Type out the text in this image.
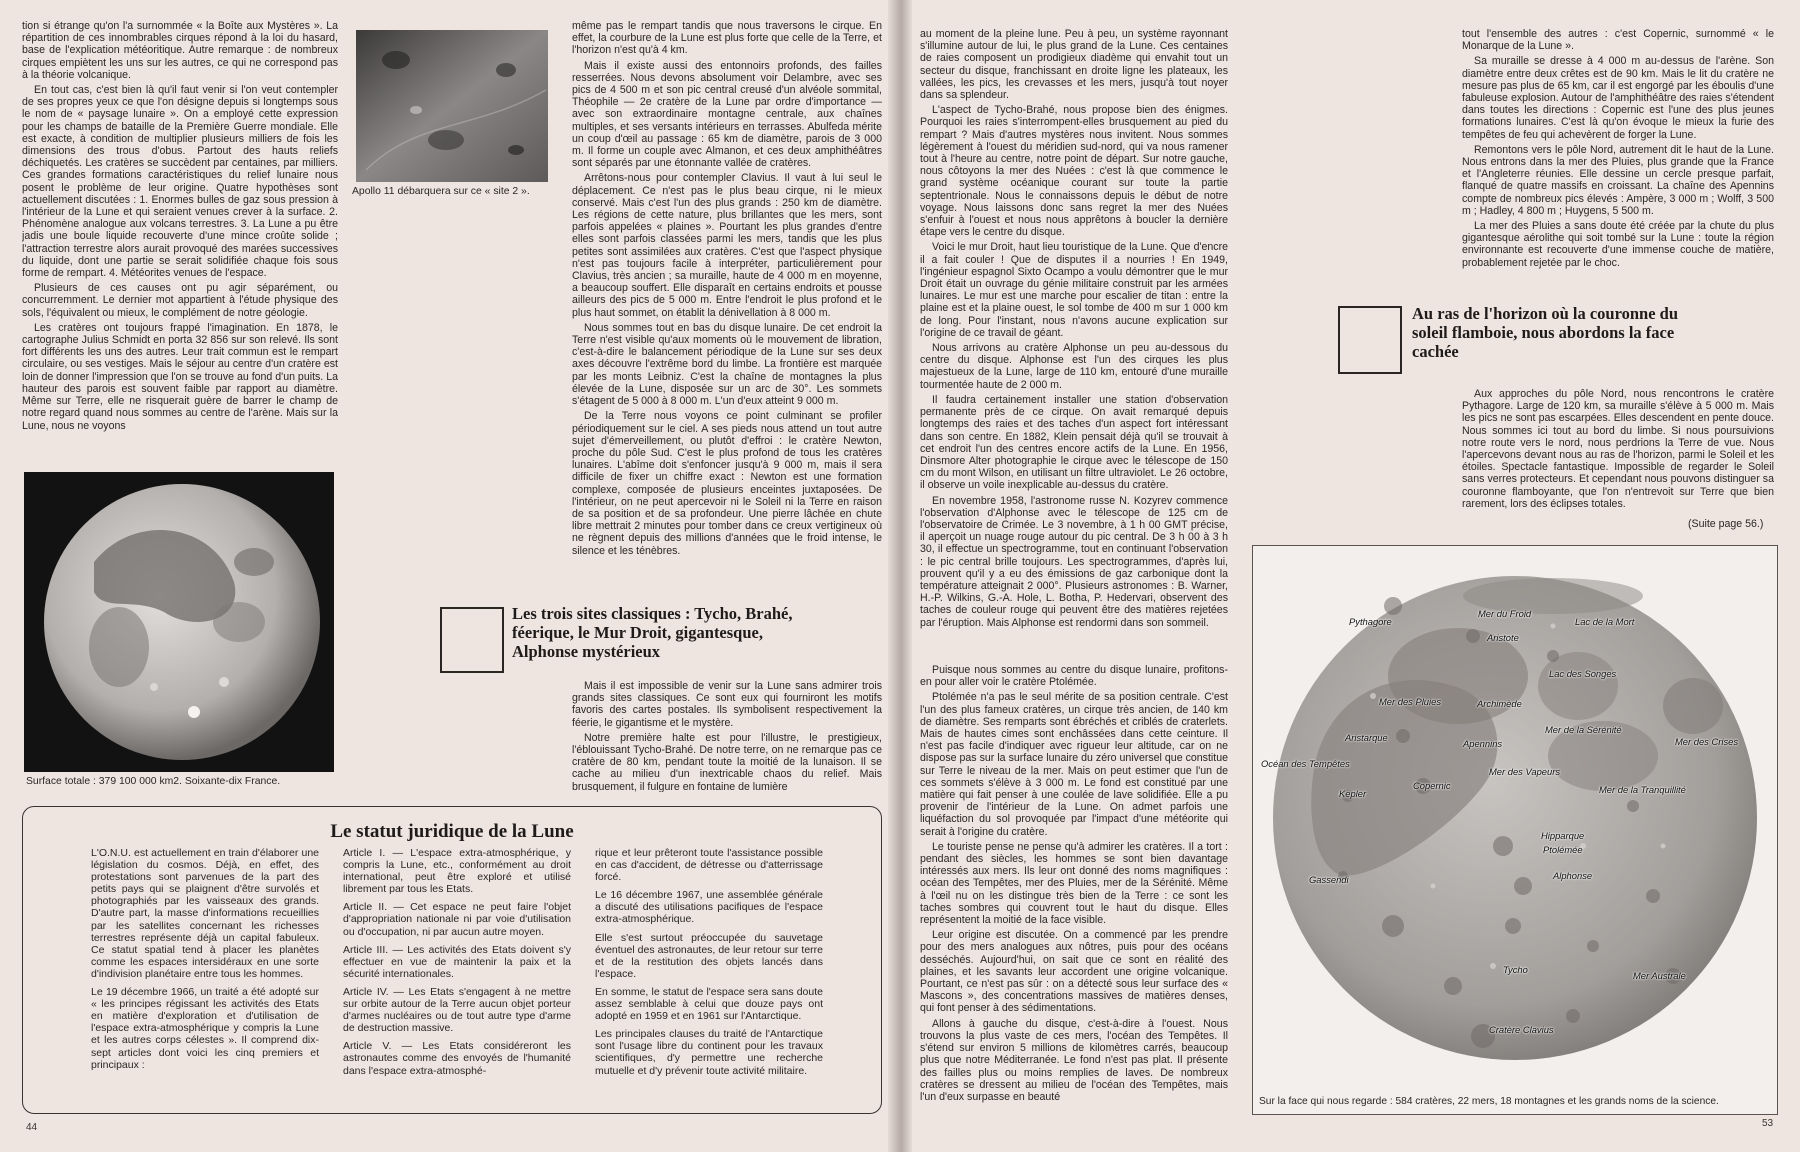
tion si étrange qu'on l'a surnommée « la Boîte aux Mystères ». La répartition de ces innombrables cirques répond à la loi du hasard, base de l'explication météoritique. Autre remarque : de nombreux cirques empiètent les uns sur les autres, ce qui ne correspond pas à la théorie volcanique.

En tout cas, c'est bien là qu'il faut venir si l'on veut contempler de ses propres yeux ce que l'on désigne depuis si longtemps sous le nom de « paysage lunaire ». On a employé cette expression pour les champs de bataille de la Première Guerre mondiale. Elle est exacte, à condition de multiplier plusieurs milliers de fois les dimensions des trous d'obus. Partout des hauts reliefs déchiquetés. Les cratères se succèdent par centaines, par milliers. Ces grandes formations caractéristiques du relief lunaire nous posent le problème de leur origine. Quatre hypothèses sont actuellement discutées : 1. Enormes bulles de gaz sous pression à l'intérieur de la Lune et qui seraient venues crever à la surface. 2. Phénomène analogue aux volcans terrestres. 3. La Lune a pu être jadis une boule liquide recouverte d'une mince croûte solide ; l'attraction terrestre alors aurait provoqué des marées successives du liquide, dont une partie se serait solidifiée chaque fois sous forme de rempart. 4. Météorites venues de l'espace.

Plusieurs de ces causes ont pu agir séparément, ou concurremment. Le dernier mot appartient à l'étude physique des sols, l'équivalent ou mieux, le complément de notre géologie.

Les cratères ont toujours frappé l'imagination. En 1878, le cartographe Julius Schmidt en porta 32 856 sur son relevé. Ils sont fort différents les uns des autres. Leur trait commun est le rempart circulaire, ou ses vestiges. Mais le séjour au centre d'un cratère est loin de donner l'impression que l'on se trouve au fond d'un puits. La hauteur des parois est souvent faible par rapport au diamètre. Même sur Terre, elle ne risquerait guère de barrer le champ de notre regard quand nous sommes au centre de l'arène. Mais sur la Lune, nous ne voyons

Apollo 11 débarquera sur ce « site 2 ».
Surface totale : 379 100 000 km2. Soixante-dix France.

même pas le rempart tandis que nous traversons le cirque. En effet, la courbure de la Lune est plus forte que celle de la Terre, et l'horizon n'est qu'à 4 km.

Mais il existe aussi des entonnoirs profonds, des failles resserrées. Nous devons absolument voir Delambre, avec ses pics de 4 500 m et son pic central creusé d'un alvéole sommital, Théophile — 2e cratère de la Lune par ordre d'importance — avec son extraordinaire montagne centrale, aux chaînes multiples, et ses versants intérieurs en terrasses. Abulfeda mérite un coup d'œil au passage : 65 km de diamètre, parois de 3 000 m. Il forme un couple avec Almanon, et ces deux amphithéâtres sont séparés par une étonnante vallée de cratères.

Arrêtons-nous pour contempler Clavius. Il vaut à lui seul le déplacement. Ce n'est pas le plus beau cirque, ni le mieux conservé. Mais c'est l'un des plus grands : 250 km de diamètre. Les régions de cette nature, plus brillantes que les mers, sont parfois appelées « plaines ». Pourtant les plus grandes d'entre elles sont parfois classées parmi les mers, tandis que les plus petites sont assimilées aux cratères. C'est que l'aspect physique n'est pas toujours facile à interpréter, particulièrement pour Clavius, très ancien ; sa muraille, haute de 4 000 m en moyenne, a beaucoup souffert. Elle disparaît en certains endroits et pousse ailleurs des pics de 5 000 m. Entre l'endroit le plus profond et le plus haut sommet, on établit la dénivellation à 8 000 m.

Nous sommes tout en bas du disque lunaire. De cet endroit la Terre n'est visible qu'aux moments où le mouvement de libration, c'est-à-dire le balancement périodique de la Lune sur ses deux axes découvre l'extrême bord du limbe. La frontière est marquée par les monts Leibniz. C'est la chaîne de montagnes la plus élevée de la Lune, disposée sur un arc de 30°. Les sommets s'étagent de 5 000 à 8 000 m. L'un d'eux atteint 9 000 m.

De la Terre nous voyons ce point culminant se profiler périodiquement sur le ciel. A ses pieds nous attend un tout autre sujet d'émerveillement, ou plutôt d'effroi : le cratère Newton, proche du pôle Sud. C'est le plus profond de tous les cratères lunaires. L'abîme doit s'enfoncer jusqu'à 9 000 m, mais il sera difficile de fixer un chiffre exact : Newton est une formation complexe, composée de plusieurs enceintes juxtaposées. De l'intérieur, on ne peut apercevoir ni le Soleil ni la Terre en raison de sa position et de sa profondeur. Une pierre lâchée en chute libre mettrait 2 minutes pour tomber dans ce creux vertigineux où ne règnent depuis des millions d'années que le froid intense, le silence et les ténèbres.

Les trois sites classiques : Tycho, Brahé, féerique, le Mur Droit, gigantesque, Alphonse mystérieux

Mais il est impossible de venir sur la Lune sans admirer trois grands sites classiques. Ce sont eux qui fourniront les motifs favoris des cartes postales. Ils symbolisent respectivement la féerie, le gigantisme et le mystère.

Notre première halte est pour l'illustre, le prestigieux, l'éblouissant Tycho-Brahé. De notre terre, on ne remarque pas ce cratère de 80 km, pendant toute la moitié de la lunaison. Il se cache au milieu d'un inextricable chaos du relief. Mais brusquement, il fulgure en fontaine de lumière

Le statut juridique de la Lune

L'O.N.U. est actuellement en train d'élaborer une législation du cosmos. Déjà, en effet, des protestations sont parvenues de la part des petits pays qui se plaignent d'être survolés et photographiés par les vaisseaux des grands. D'autre part, la masse d'informations recueillies par les satellites concernant les richesses terrestres représente déjà un capital fabuleux. Ce statut spatial tend à placer les planètes comme les espaces intersidéraux en une sorte d'indivision planétaire entre tous les hommes.

Le 19 décembre 1966, un traité a été adopté sur « les principes régissant les activités des Etats en matière d'exploration et d'utilisation de l'espace extra-atmosphérique y compris la Lune et les autres corps célestes ». Il comprend dix-sept articles dont voici les cinq premiers et principaux :

Article I. — L'espace extra-atmosphérique, y compris la Lune, etc., conformément au droit international, peut être exploré et utilisé librement par tous les Etats.

Article II. — Cet espace ne peut faire l'objet d'appropriation nationale ni par voie d'utilisation ou d'occupation, ni par aucun autre moyen.

Article III. — Les activités des Etats doivent s'y effectuer en vue de maintenir la paix et la sécurité internationales.

Article IV. — Les Etats s'engagent à ne mettre sur orbite autour de la Terre aucun objet porteur d'armes nucléaires ou de tout autre type d'arme de destruction massive.

Article V. — Les Etats considéreront les astronautes comme des envoyés de l'humanité dans l'espace extra-atmosphé-

rique et leur prêteront toute l'assistance possible en cas d'accident, de détresse ou d'atterrissage forcé.

Le 16 décembre 1967, une assemblée générale a discuté des utilisations pacifiques de l'espace extra-atmosphérique.

Elle s'est surtout préoccupée du sauvetage éventuel des astronautes, de leur retour sur terre et de la restitution des objets lancés dans l'espace.

En somme, le statut de l'espace sera sans doute assez semblable à celui que douze pays ont adopté en 1959 et en 1961 sur l'Antarctique.

Les principales clauses du traité de l'Antarctique sont l'usage libre du continent pour les travaux scientifiques, d'y permettre une recherche mutuelle et d'y prévenir toute activité militaire.

44

au moment de la pleine lune. Peu à peu, un système rayonnant s'illumine autour de lui, le plus grand de la Lune. Ces centaines de raies composent un prodigieux diadème qui envahit tout un secteur du disque, franchissant en droite ligne les plateaux, les vallées, les pics, les crevasses et les mers, jusqu'à tout noyer dans sa splendeur.

L'aspect de Tycho-Brahé, nous propose bien des énigmes. Pourquoi les raies s'interrompent-elles brusquement au pied du rempart ? Mais d'autres mystères nous invitent. Nous sommes légèrement à l'ouest du méridien sud-nord, qui va nous ramener tout à l'heure au centre, notre point de départ. Sur notre gauche, nous côtoyons la mer des Nuées : c'est là que commence le grand système océanique courant sur toute la partie septentrionale. Nous le connaissons depuis le début de notre voyage. Nous laissons donc sans regret la mer des Nuées s'enfuir à l'ouest et nous nous apprêtons à boucler la dernière étape vers le centre du disque.

Voici le mur Droit, haut lieu touristique de la Lune. Que d'encre il a fait couler ! Que de disputes il a nourries ! En 1949, l'ingénieur espagnol Sixto Ocampo a voulu démontrer que le mur Droit était un ouvrage du génie militaire construit par les armées lunaires. Le mur est une marche pour escalier de titan : entre la plaine est et la plaine ouest, le sol tombe de 400 m sur 1 000 km de long. Pour l'instant, nous n'avons aucune explication sur l'origine de ce travail de géant.

Nous arrivons au cratère Alphonse un peu au-dessous du centre du disque. Alphonse est l'un des cirques les plus majestueux de la Lune, large de 110 km, entouré d'une muraille tourmentée haute de 2 000 m.

Il faudra certainement installer une station d'observation permanente près de ce cirque. On avait remarqué depuis longtemps des raies et des taches d'un aspect fort intéressant dans son centre. En 1882, Klein pensait déjà qu'il se trouvait à cet endroit l'un des centres encore actifs de la Lune. En 1956, Dinsmore Alter photographie le cirque avec le télescope de 150 cm du mont Wilson, en utilisant un filtre ultraviolet. Le 26 octobre, il observe un voile inexplicable au-dessus du cratère.

En novembre 1958, l'astronome russe N. Kozyrev commence l'observation d'Alphonse avec le télescope de 125 cm de l'observatoire de Crimée. Le 3 novembre, à 1 h 00 GMT précise, il aperçoit un nuage rouge autour du pic central. De 3 h 00 à 3 h 30, il effectue un spectrogramme, tout en continuant l'observation : le pic central brille toujours. Les spectrogrammes, d'après lui, prouvent qu'il y a eu des émissions de gaz carbonique dont la température atteignait 2 000°. Plusieurs astronomes : B. Warner, H.-P. Wilkins, G.-A. Hole, L. Botha, P. Hedervari, observent des taches de couleur rouge qui peuvent être des matières rejetées par l'éruption. Mais Alphonse est rendormi dans son sommeil.

Puisque nous sommes au centre du disque lunaire, profitons-en pour aller voir le cratère Ptolémée.

Ptolémée n'a pas le seul mérite de sa position centrale. C'est l'un des plus fameux cratères, un cirque très ancien, de 140 km de diamètre. Ses remparts sont ébréchés et criblés de craterlets. Mais de hautes cimes sont enchâssées dans cette ceinture. Il n'est pas facile d'indiquer avec rigueur leur altitude, car on ne dispose pas sur la surface lunaire du zéro universel que constitue sur Terre le niveau de la mer. Mais on peut estimer que l'un de ces sommets s'élève à 3 000 m. Le fond est constitué par une matière qui fait penser à une coulée de lave solidifiée. Elle a pu provenir de l'intérieur de la Lune. On admet parfois une liquéfaction du sol provoquée par l'impact d'une météorite qui serait à l'origine du cratère.

Le touriste pense ne pense qu'à admirer les cratères. Il a tort : pendant des siècles, les hommes se sont bien davantage intéressés aux mers. Ils leur ont donné des noms magnifiques : océan des Tempêtes, mer des Pluies, mer de la Sérénité. Même à l'œil nu on les distingue très bien de la Terre : ce sont les taches sombres qui couvrent tout le haut du disque. Elles représentent la moitié de la face visible.

Leur origine est discutée. On a commencé par les prendre pour des mers analogues aux nôtres, puis pour des océans desséchés. Aujourd'hui, on sait que ce sont en réalité des plaines, et les savants leur accordent une origine volcanique. Pourtant, ce n'est pas sûr : on a détecté sous leur surface des « Mascons », des concentrations massives de matières denses, qui font penser à des sédimentations.

Allons à gauche du disque, c'est-à-dire à l'ouest. Nous trouvons la plus vaste de ces mers, l'océan des Tempêtes. Il s'étend sur environ 5 millions de kilomètres carrés, beaucoup plus que notre Méditerranée. Le fond n'est pas plat. Il présente des failles plus ou moins remplies de laves. De nombreux cratères se dressent au milieu de l'océan des Tempêtes, mais l'un d'eux surpasse en beauté

tout l'ensemble des autres : c'est Copernic, surnommé « le Monarque de la Lune ».

Sa muraille se dresse à 4 000 m au-dessus de l'arène. Son diamètre entre deux crêtes est de 90 km. Mais le lit du cratère ne mesure pas plus de 65 km, car il est engorgé par les éboulis d'une fabuleuse explosion. Autour de l'amphithéâtre des raies s'étendent dans toutes les directions : Copernic est l'une des plus jeunes formations lunaires. C'est là qu'on évoque le mieux la furie des tempêtes de feu qui achevèrent de forger la Lune.

Remontons vers le pôle Nord, autrement dit le haut de la Lune. Nous entrons dans la mer des Pluies, plus grande que la France et l'Angleterre réunies. Elle dessine un cercle presque parfait, flanqué de quatre massifs en croissant. La chaîne des Apennins compte de nombreux pics élevés : Ampère, 3 000 m ; Wolff, 3 500 m ; Hadley, 4 800 m ; Huygens, 5 500 m.

La mer des Pluies a sans doute été créée par la chute du plus gigantesque aérolithe qui soit tombé sur la Lune : toute la région environnante est recouverte d'une immense couche de matière, probablement rejetée par le choc.

Au ras de l'horizon où la couronne du soleil flamboie, nous abordons la face cachée

Aux approches du pôle Nord, nous rencontrons le cratère Pythagore. Large de 120 km, sa muraille s'élève à 5 000 m. Mais les pics ne sont pas escarpées. Elles descendent en pente douce. Nous sommes ici tout au bord du limbe. Si nous poursuivions notre route vers le nord, nous perdrions la Terre de vue. Nous l'apercevons devant nous au ras de l'horizon, parmi le Soleil et les étoiles. Spectacle fantastique. Impossible de regarder le Soleil sans verres protecteurs. Et cependant nous pouvons distinguer sa couronne flamboyante, que l'on n'entrevoit sur Terre que bien rarement, lors des éclipses totales.

(Suite page 56.)
Pythagore
Mer du Froid
Lac de la Mort
Aristote
Lac des Songes
Mer des Pluies	Archimède
Mer de la Sérénité
Aristarque
Apennins	Mer des Crises
Océan des Tempêtes
Mer des Vapeurs
Copernic
Kepler	Mer de la Tranquillité
Hipparque
Ptolémée
Alphonse
Gassendi
Tycho
Mer Australe
Cratère Clavius
Sur la face qui nous regarde : 584 cratères, 22 mers, 18 montagnes et les grands noms de la science.
53
